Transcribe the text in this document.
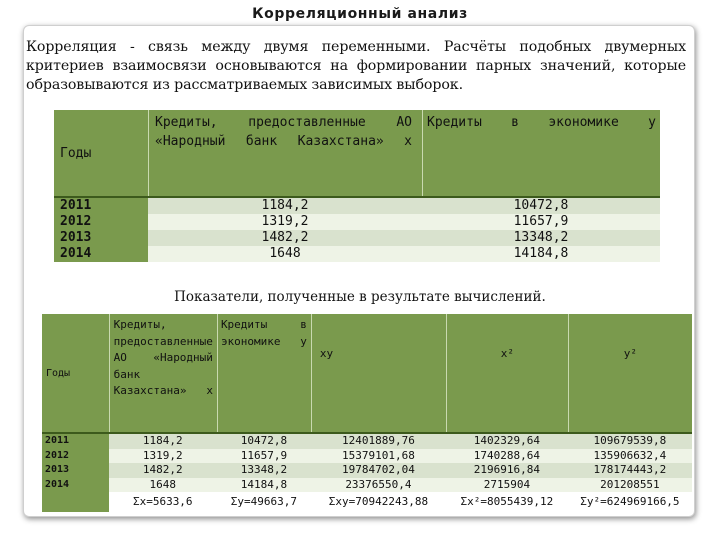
Корреляционный анализ
Корреляция - связь между двумя переменными. Расчёты подобных двумерных критериев взаимосвязи основываются на формировании парных значений, которые образовываются из рассматриваемых зависимых выборок.
Годы	Кредиты, предоставленные АО «Народный банк Казахстана» х	Кредиты в экономике у

2011	1184,2	10472,8
2012	1319,2	11657,9
2013	1482,2	13348,2
2014	1648	14184,8
Показатели, полученные в результате вычислений.
Годы	Кредиты, предоставленные АО «Народный банк Казахстана» х	Кредиты в экономике у	ху	х²	у²

2011	1184,2	10472,8	12401889,76	1402329,64	109679539,8
2012	1319,2	11657,9	15379101,68	1740288,64	135906632,4
2013	1482,2	13348,2	19784702,04	2196916,84	178174443,2
2014	1648	14184,8	23376550,4	2715904	201208551
	Σх=5633,6	Σу=49663,7	Σху=70942243,88	Σх²=8055439,12	Σу²=624969166,5
